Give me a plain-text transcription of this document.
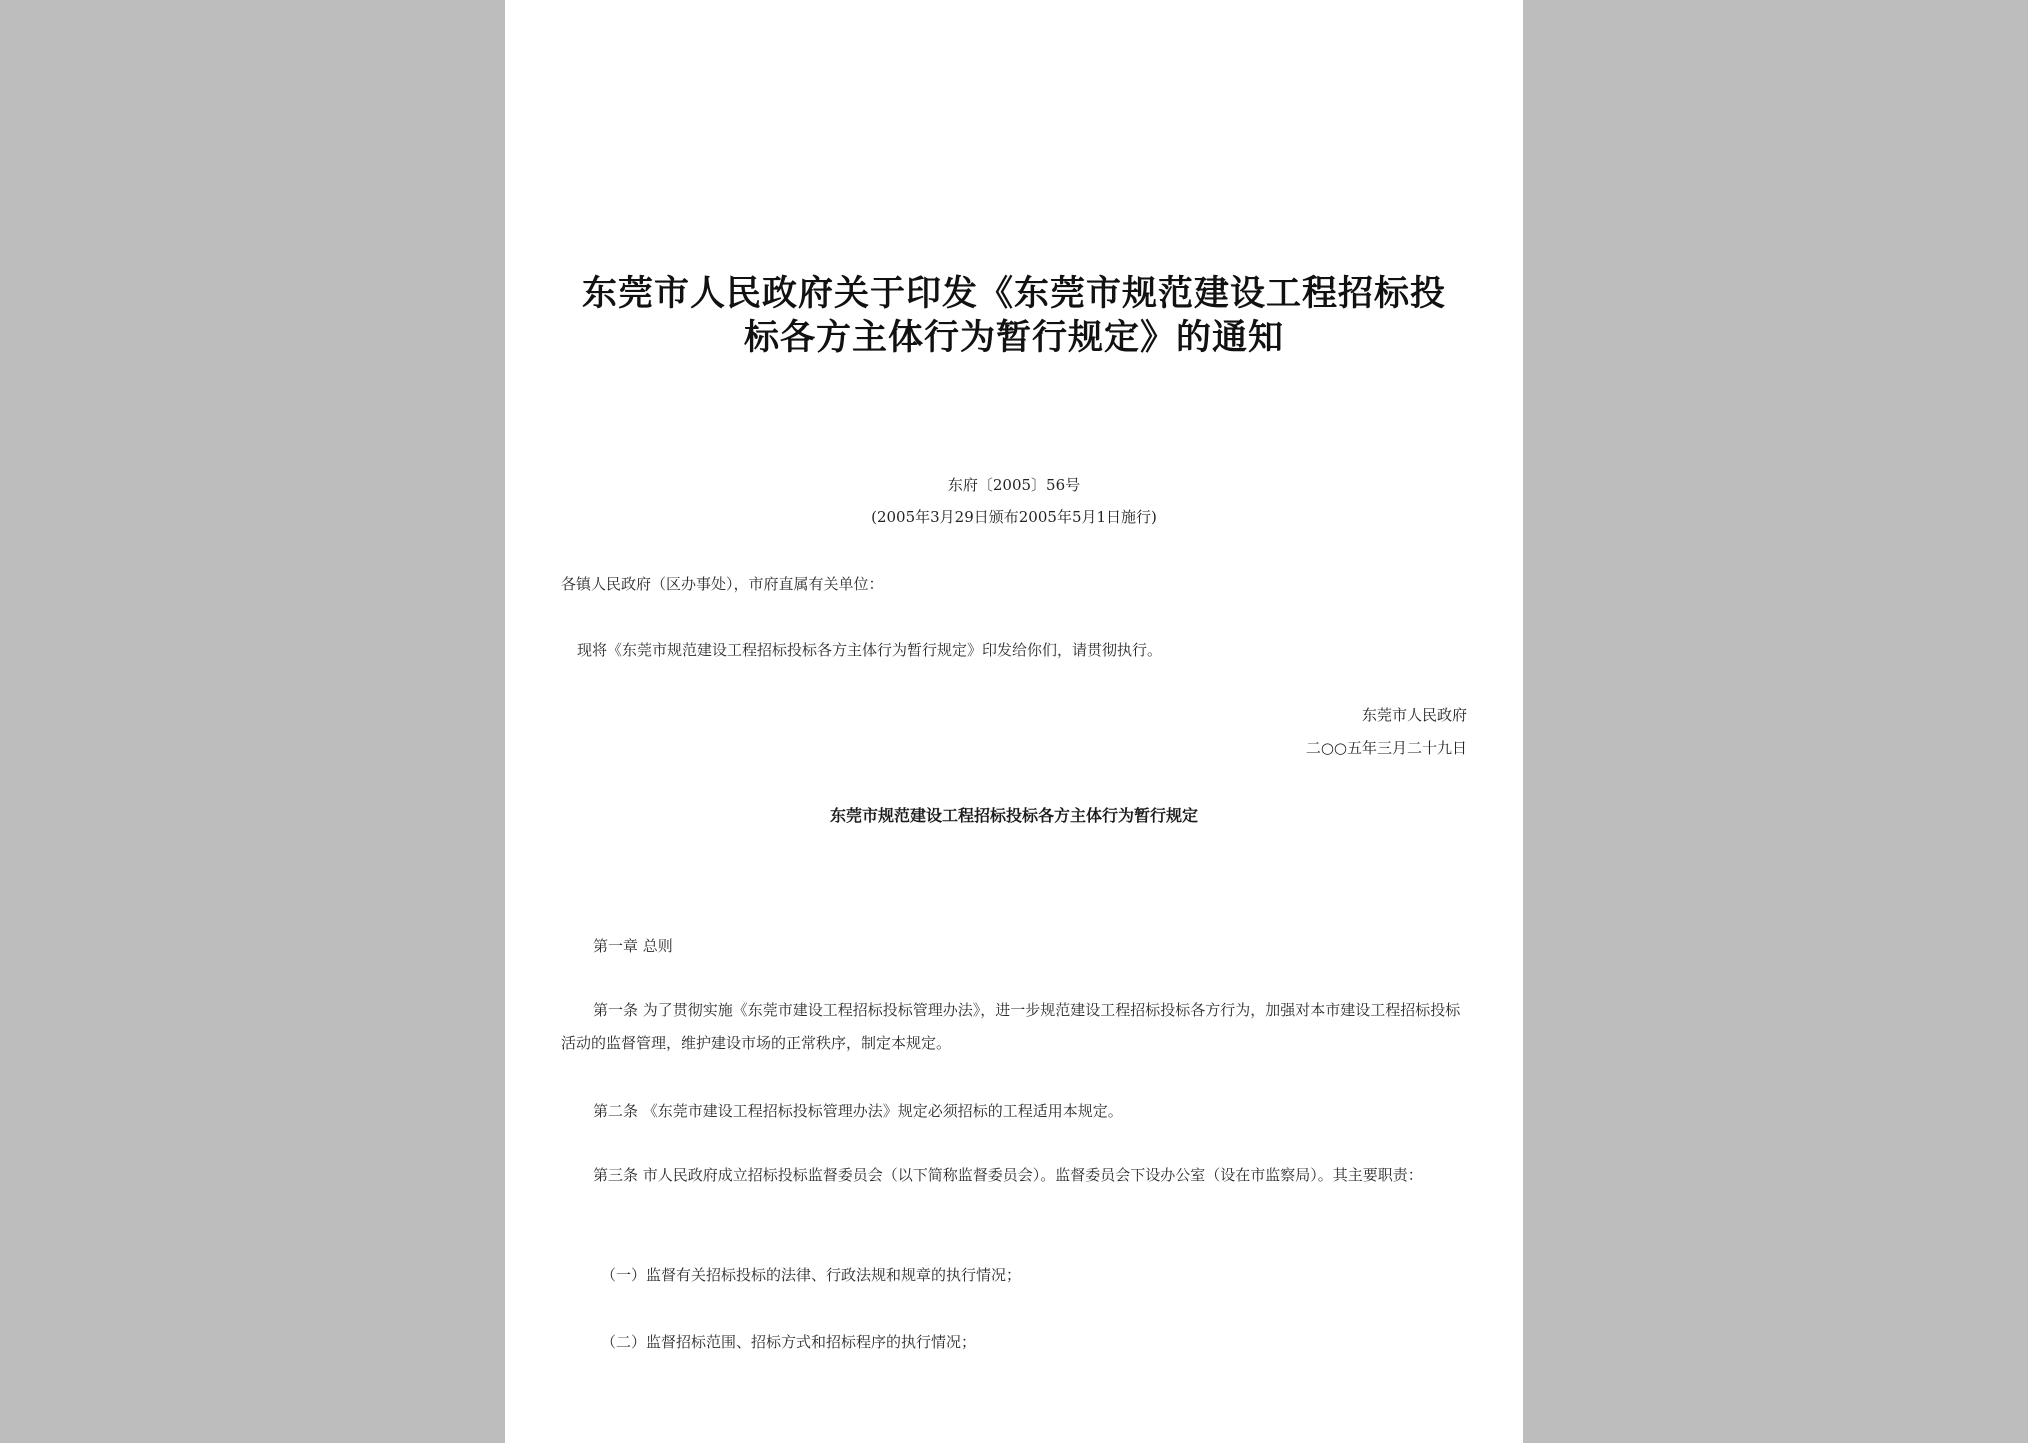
东莞市人民政府关于印发《东莞市规范建设工程招标投
标各方主体行为暂行规定》的通知
东府〔2005〕56号
(2005年3月29日颁布2005年5月1日施行)
各镇人民政府（区办事处），市府直属有关单位：
现将《东莞市规范建设工程招标投标各方主体行为暂行规定》印发给你们，请贯彻执行。
东莞市人民政府
二○○五年三月二十九日
东莞市规范建设工程招标投标各方主体行为暂行规定
第一章 总则
第一条 为了贯彻实施《东莞市建设工程招标投标管理办法》，进一步规范建设工程招标投标各方行为，加强对本市建设工程招标投标活动的监督管理，维护建设市场的正常秩序，制定本规定。
第二条 《东莞市建设工程招标投标管理办法》规定必须招标的工程适用本规定。
第三条 市人民政府成立招标投标监督委员会（以下简称监督委员会）。监督委员会下设办公室（设在市监察局）。其主要职责：
（一）监督有关招标投标的法律、行政法规和规章的执行情况；
（二）监督招标范围、招标方式和招标程序的执行情况；
